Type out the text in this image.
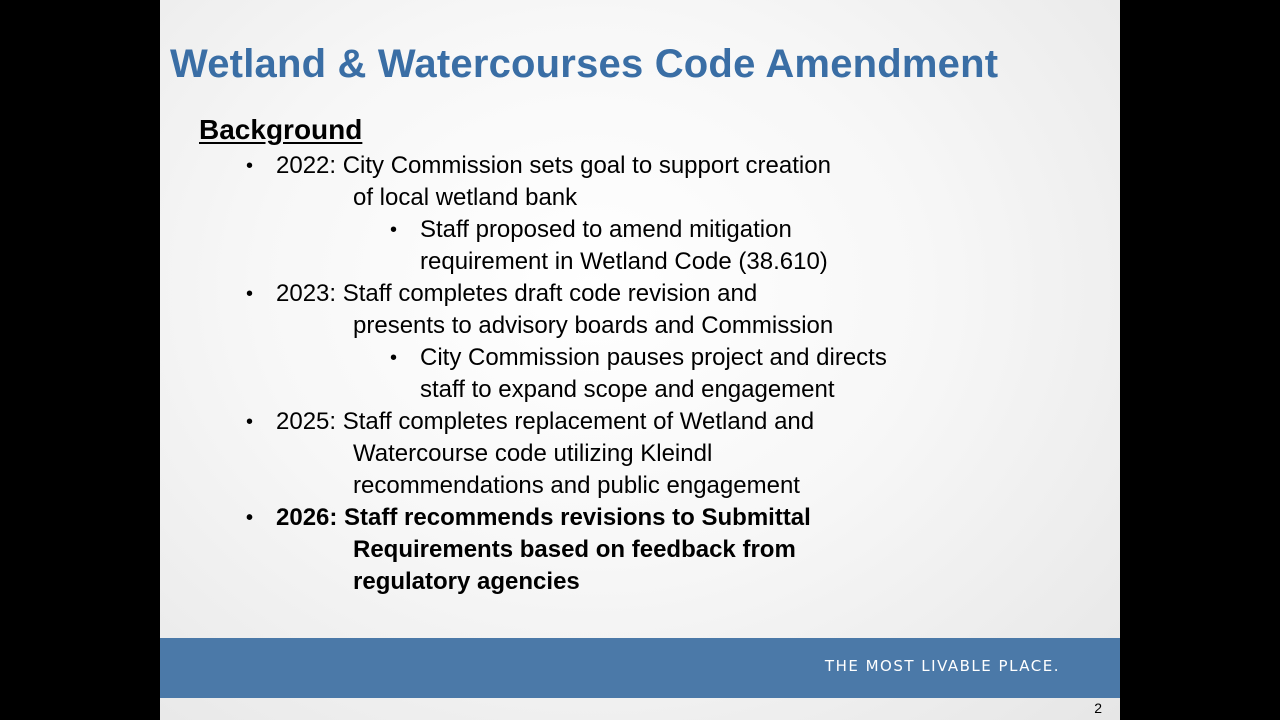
Wetland & Watercourses Code Amendment
Background
• 2022: City Commission sets goal to support creation
of local wetland bank
• Staff proposed to amend mitigation
requirement in Wetland Code (38.610)
• 2023: Staff completes draft code revision and
presents to advisory boards and Commission
• City Commission pauses project and directs
staff to expand scope and engagement
• 2025: Staff completes replacement of Wetland and
Watercourse code utilizing Kleindl
recommendations and public engagement
• 2026: Staff recommends revisions to Submittal
Requirements based on feedback from
regulatory agencies
THE MOST LIVABLE PLACE.
2
